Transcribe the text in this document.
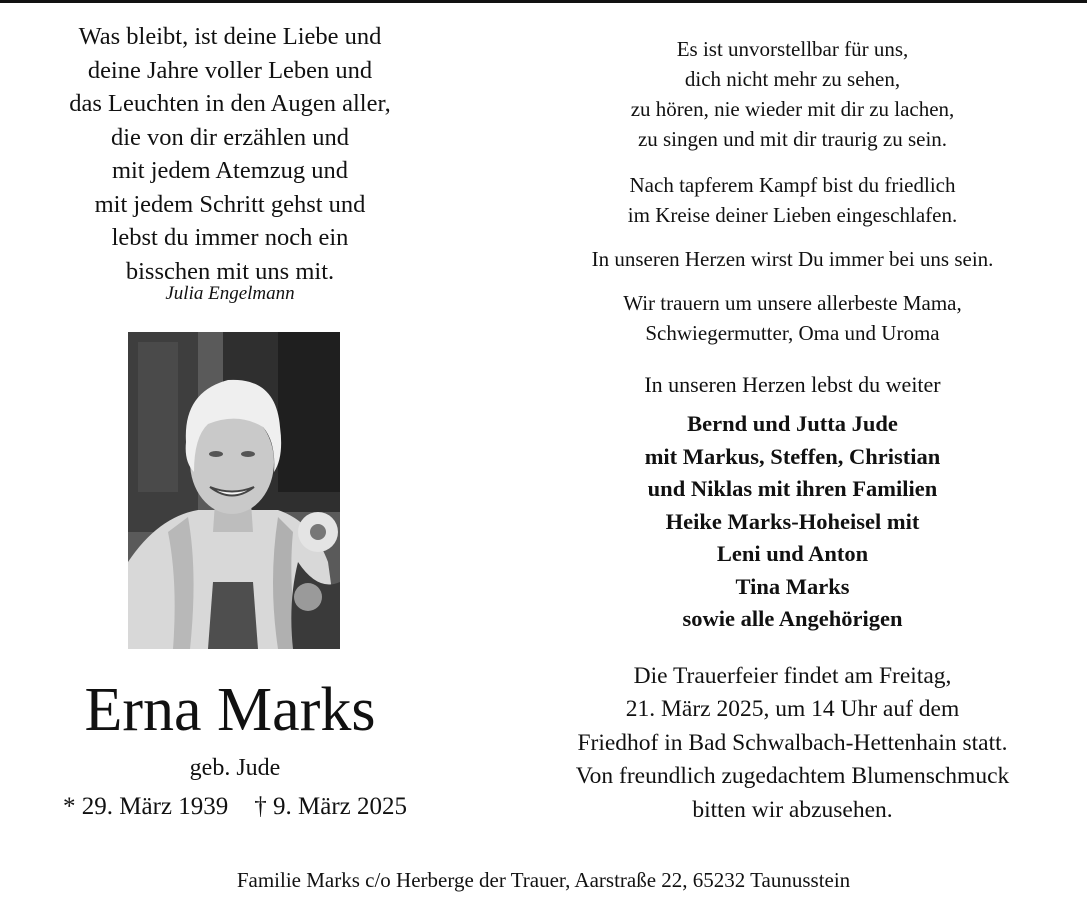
Was bleibt, ist deine Liebe und
deine Jahre voller Leben und
das Leuchten in den Augen aller,
die von dir erzählen und
mit jedem Atemzug und
mit jedem Schritt gehst und
lebst du immer noch ein
bisschen mit uns mit.
Julia Engelmann
Erna Marks
geb. Jude
* 29. März 1939 † 9. März 2025
Es ist unvorstellbar für uns,
dich nicht mehr zu sehen,
zu hören, nie wieder mit dir zu lachen,
zu singen und mit dir traurig zu sein.
Nach tapferem Kampf bist du friedlich
im Kreise deiner Lieben eingeschlafen.
In unseren Herzen wirst Du immer bei uns sein.
Wir trauern um unsere allerbeste Mama,
Schwiegermutter, Oma und Uroma
In unseren Herzen lebst du weiter
Bernd und Jutta Jude
mit Markus, Steffen, Christian
und Niklas mit ihren Familien
Heike Marks-Hoheisel mit
Leni und Anton
Tina Marks
sowie alle Angehörigen
Die Trauerfeier findet am Freitag,
21. März 2025, um 14 Uhr auf dem
Friedhof in Bad Schwalbach-Hettenhain statt.
Von freundlich zugedachtem Blumenschmuck
bitten wir abzusehen.
Familie Marks c/o Herberge der Trauer, Aarstraße 22, 65232 Taunusstein
